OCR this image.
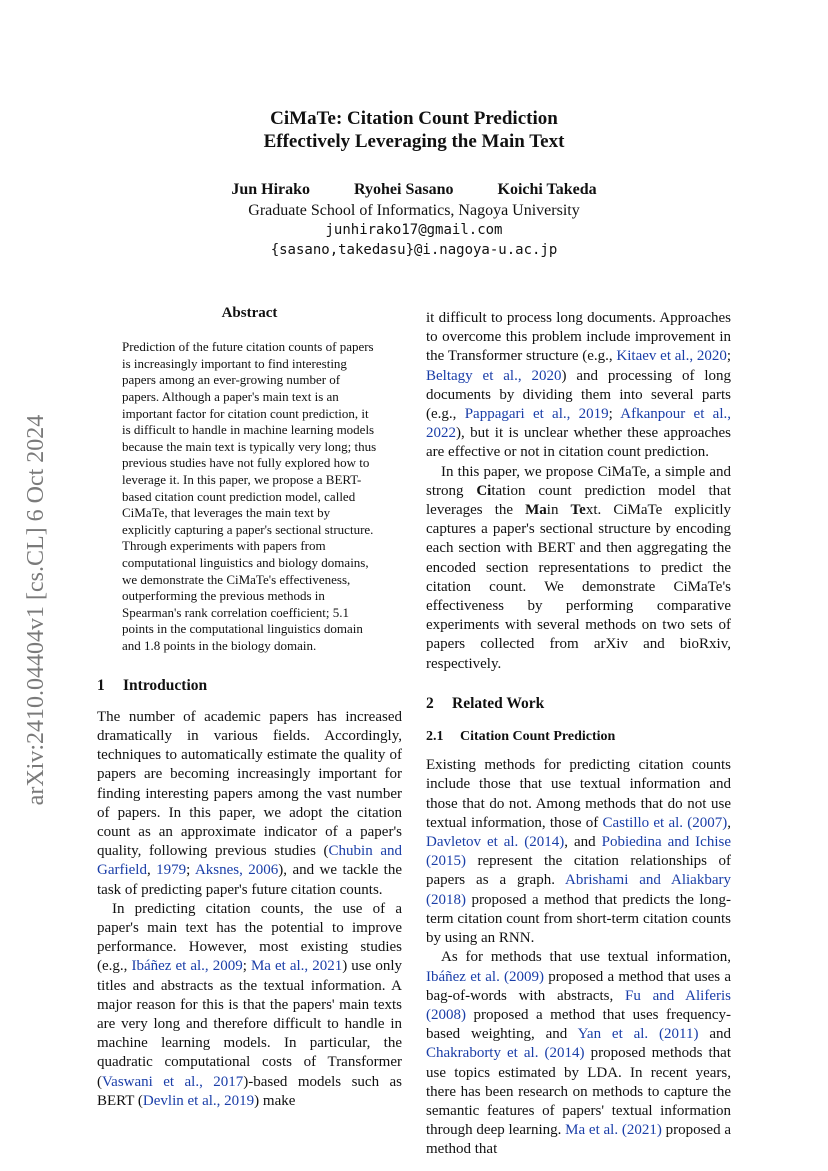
CiMaTe: Citation Count Prediction
Effectively Leveraging the Main Text
Jun Hirako	Ryohei Sasano	Koichi Takeda
Graduate School of Informatics, Nagoya University
junhirako17@gmail.com
{sasano,takedasu}@i.nagoya-u.ac.jp
arXiv:2410.04404v1 [cs.CL] 6 Oct 2024
Abstract

Prediction of the future citation counts of papers is increasingly important to find interesting papers among an ever-growing number of papers. Although a paper's main text is an important factor for citation count prediction, it is difficult to handle in machine learning models because the main text is typically very long; thus previous studies have not fully explored how to leverage it. In this paper, we propose a BERT-based citation count prediction model, called CiMaTe, that leverages the main text by explicitly capturing a paper's sectional structure. Through experiments with papers from computational linguistics and biology domains, we demonstrate the CiMaTe's effectiveness, outperforming the previous methods in Spearman's rank correlation coefficient; 5.1 points in the computational linguistics domain and 1.8 points in the biology domain.

1 Introduction

The number of academic papers has increased dramatically in various fields. Accordingly, techniques to automatically estimate the quality of papers are becoming increasingly important for finding interesting papers among the vast number of papers. In this paper, we adopt the citation count as an approximate indicator of a paper's quality, following previous studies (Chubin and Garfield, 1979; Aksnes, 2006), and we tackle the task of predicting paper's future citation counts.

In predicting citation counts, the use of a paper's main text has the potential to improve performance. However, most existing studies (e.g., Ibáñez et al., 2009; Ma et al., 2021) use only titles and abstracts as the textual information. A major reason for this is that the papers' main texts are very long and therefore difficult to handle in machine learning models. In particular, the quadratic computational costs of Transformer (Vaswani et al., 2017)-based models such as BERT (Devlin et al., 2019) make

it difficult to process long documents. Approaches to overcome this problem include improvement in the Transformer structure (e.g., Kitaev et al., 2020; Beltagy et al., 2020) and processing of long documents by dividing them into several parts (e.g., Pappagari et al., 2019; Afkanpour et al., 2022), but it is unclear whether these approaches are effective or not in citation count prediction.

In this paper, we propose CiMaTe, a simple and strong Citation count prediction model that leverages the Main Text. CiMaTe explicitly captures a paper's sectional structure by encoding each section with BERT and then aggregating the encoded section representations to predict the citation count. We demonstrate CiMaTe's effectiveness by performing comparative experiments with several methods on two sets of papers collected from arXiv and bioRxiv, respectively.

2 Related Work
2.1 Citation Count Prediction

Existing methods for predicting citation counts include those that use textual information and those that do not. Among methods that do not use textual information, those of Castillo et al. (2007), Davletov et al. (2014), and Pobiedina and Ichise (2015) represent the citation relationships of papers as a graph. Abrishami and Aliakbary (2018) proposed a method that predicts the long-term citation count from short-term citation counts by using an RNN.

As for methods that use textual information, Ibáñez et al. (2009) proposed a method that uses a bag-of-words with abstracts, Fu and Aliferis (2008) proposed a method that uses frequency-based weighting, and Yan et al. (2011) and Chakraborty et al. (2014) proposed methods that use topics estimated by LDA. In recent years, there has been research on methods to capture the semantic features of papers' textual information through deep learning. Ma et al. (2021) proposed a method that
